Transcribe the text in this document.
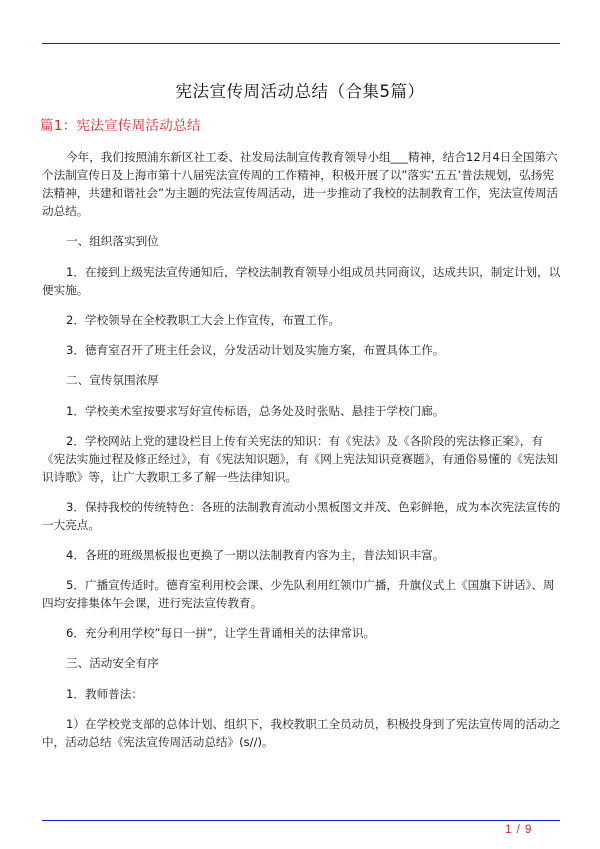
宪法宣传周活动总结（合集5篇）
篇1：宪法宣传周活动总结

今年，我们按照浦东新区社工委、社发局法制宣传教育领导小组___精神，结合12月4日全国第六个法制宣传日及上海市第十八届宪法宣传周的工作精神，积极开展了以”落实‘五五’普法规划，弘扬宪法精神，共建和谐社会”为主题的宪法宣传周活动，进一步推动了我校的法制教育工作，宪法宣传周活动总结。

一、组织落实到位

1．在接到上级宪法宣传通知后，学校法制教育领导小组成员共同商议，达成共识，制定计划，以便实施。

2．学校领导在全校教职工大会上作宣传，布置工作。

3．德育室召开了班主任会议，分发活动计划及实施方案，布置具体工作。

二、宣传氛围浓厚

1．学校美术室按要求写好宣传标语，总务处及时张贴、悬挂于学校门廊。

2．学校网站上党的建设栏目上传有关宪法的知识：有《宪法》及《各阶段的宪法修正案》，有《宪法实施过程及修正经过》，有《宪法知识题》，有《网上宪法知识竞赛题》，有通俗易懂的《宪法知识诗歌》等，让广大教职工多了解一些法律知识。

3．保持我校的传统特色：各班的法制教育流动小黑板图文并茂、色彩鲜艳，成为本次宪法宣传的一大亮点。

4．各班的班级黑板报也更换了一期以法制教育内容为主，普法知识丰富。

5．广播宣传适时。德育室利用校会课、少先队利用红领巾广播，升旗仪式上《国旗下讲话》、周四均安排集体午会课，进行宪法宣传教育。

6．充分利用学校”每日一拼”，让学生背诵相关的法律常识。

三、活动安全有序

1．教师普法：

1）在学校党支部的总体计划、组织下，我校教职工全员动员，积极投身到了宪法宣传周的活动之中，活动总结《宪法宣传周活动总结》(s//)。

1 / 9
